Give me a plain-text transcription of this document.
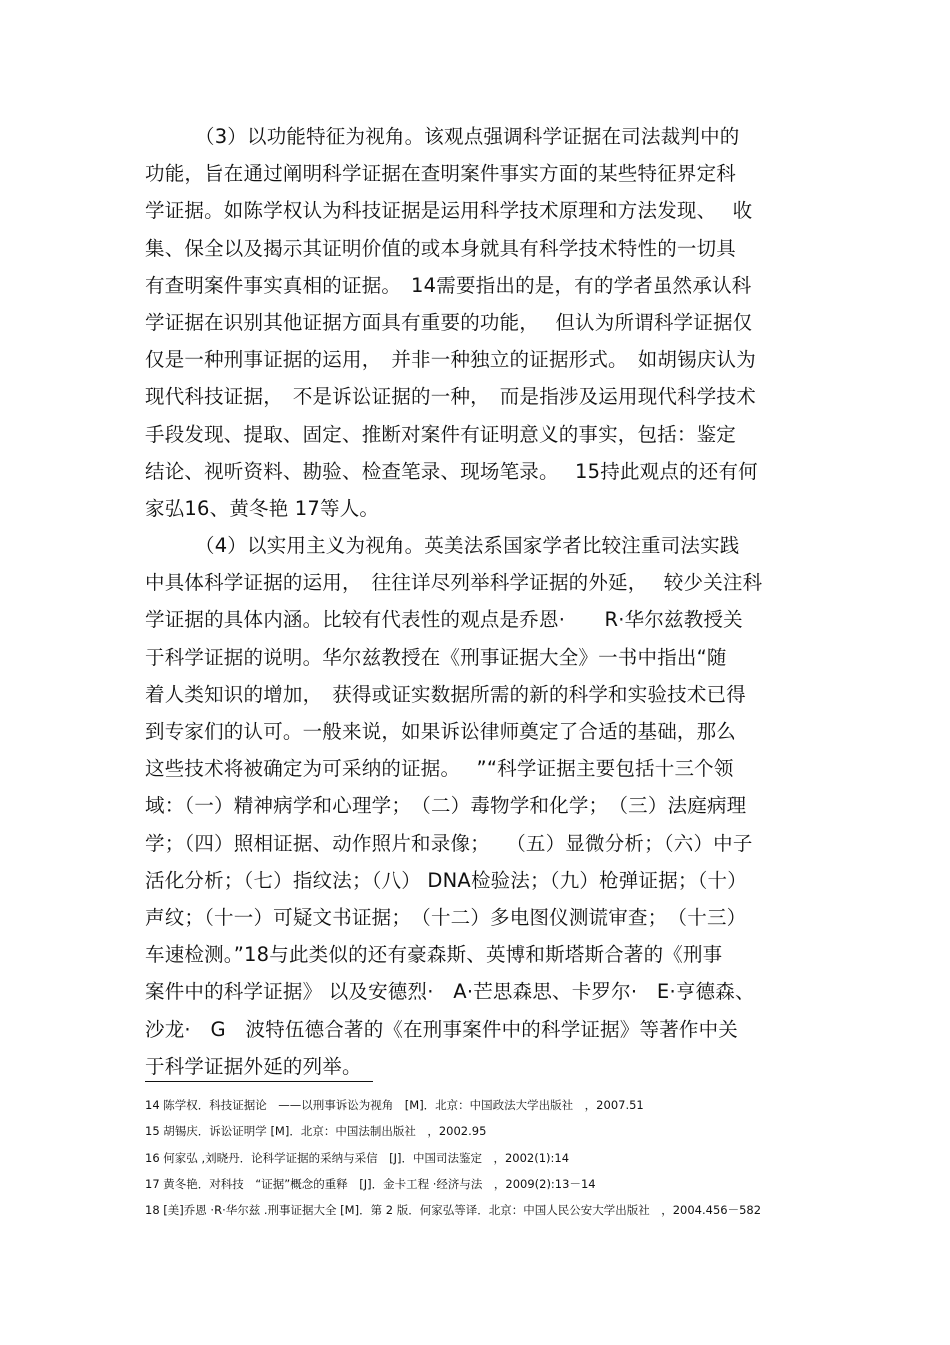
（3）以功能特征为视角。该观点强调科学证据在司法裁判中的
功能，旨在通过阐明科学证据在查明案件事实方面的某些特征界定科
学证据。如陈学权认为科技证据是运用科学技术原理和方法发现、　 收
集、保全以及揭示其证明价值的或本身就具有科学技术特性的一切具
有查明案件事实真相的证据。　14需要指出的是，有的学者虽然承认科
学证据在识别其他证据方面具有重要的功能，　 但认为所谓科学证据仅
仅是一种刑事证据的运用，　并非一种独立的证据形式。　如胡锡庆认为
现代科技证据，　不是诉讼证据的一种，　而是指涉及运用现代科学技术
手段发现、提取、固定、推断对案件有证明意义的事实，包括：鉴定
结论、视听资料、勘验、检查笔录、现场笔录。　 15持此观点的还有何
家弘16、黄冬艳 17等人。
（4）以实用主义为视角。英美法系国家学者比较注重司法实践
中具体科学证据的运用，　往往详尽列举科学证据的外延，　 较少关注科
学证据的具体内涵。比较有代表性的观点是乔恩·　　R·华尔兹教授关
于科学证据的说明。华尔兹教授在《刑事证据大全》一书中指出“随
着人类知识的增加，　获得或证实数据所需的新的科学和实验技术已得
到专家们的认可。一般来说，如果诉讼律师奠定了合适的基础，那么
这些技术将被确定为可采纳的证据。　 ”“科学证据主要包括十三个领
域：（一）精神病学和心理学；　（二）毒物学和化学；　（三）法庭病理
学；（四）照相证据、动作照片和录像；　 （五）显微分析；（六）中子
活化分析；（七）指纹法；（八） DNA检验法；（九）枪弹证据；（十）
声纹；（十一）可疑文书证据；　（十二）多电图仪测谎审查；　（十三）
车速检测。”18与此类似的还有豪森斯、英博和斯塔斯合著的《刑事
案件中的科学证据》 以及安德烈·　A·芒思森思、卡罗尔·　E·亨德森、
沙龙·　G　波特伍德合著的《在刑事案件中的科学证据》等著作中关
于科学证据外延的列举。
14 陈学权．科技证据论　——以刑事诉讼为视角　[M]．北京：中国政法大学出版社　，2007.51
15 胡锡庆．诉讼证明学 [M]．北京：中国法制出版社　，2002.95
16 何家弘 ,刘晓丹．论科学证据的采纳与采信　[J]．中国司法鉴定　，2002(1):14
17 黄冬艳．对科技　“证据”概念的重释　[J]．金卡工程 ·经济与法　，2009(2):13－14
18 [美]乔恩 ·R·华尔兹 .刑事证据大全 [M]．第 2 版．何家弘等译．北京：中国人民公安大学出版社　，2004.456－582
